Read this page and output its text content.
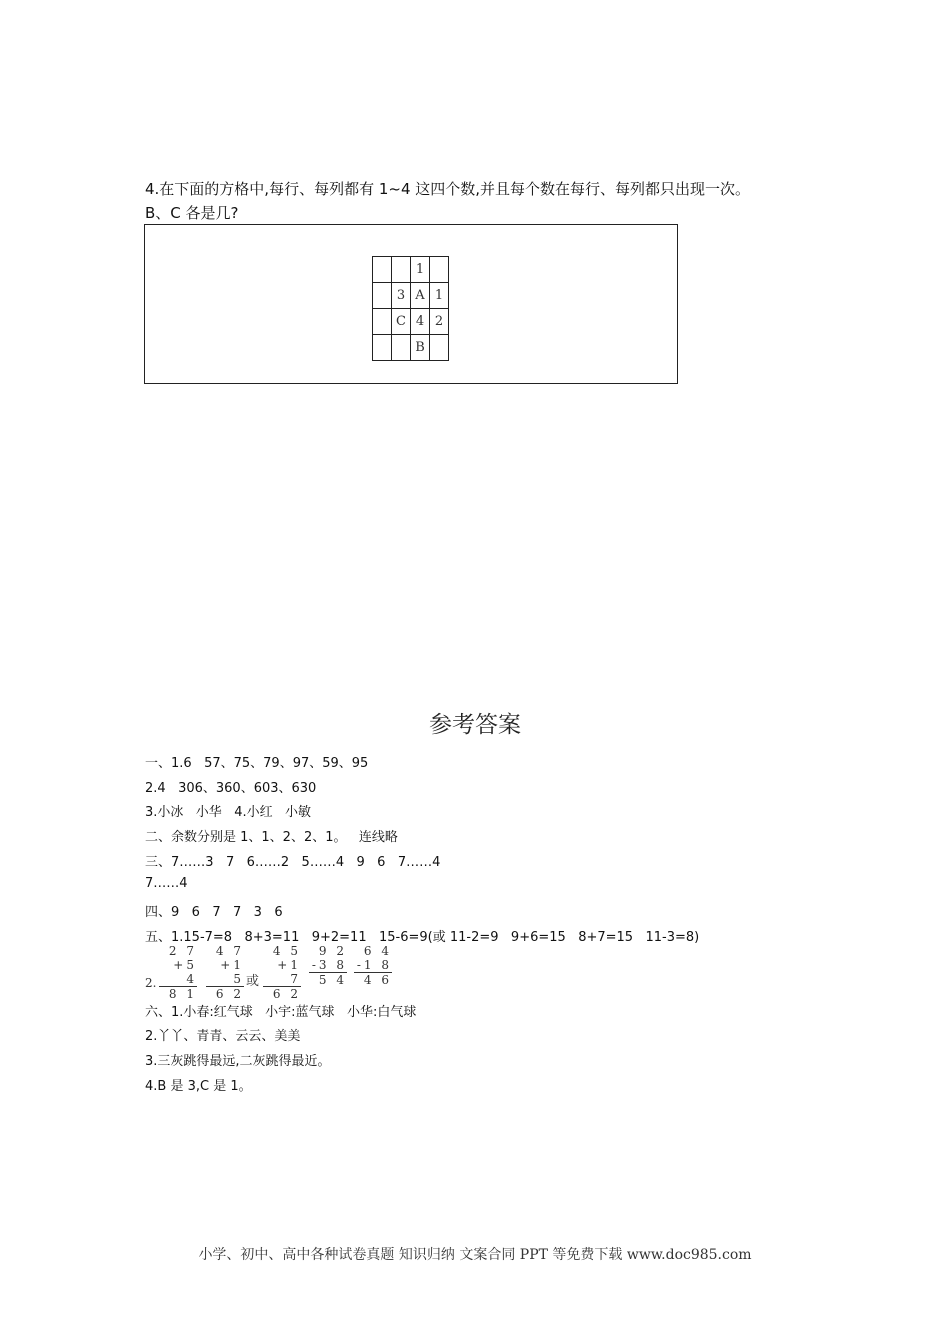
4.在下面的方格中,每行、每列都有 1~4 这四个数,并且每个数在每行、每列都只出现一次。
B、C 各是几?
		1	
	3	A	1
	C	4	2
		B	
参考答案
一、1.6   57、75、79、97、59、95
2.4   306、360、603、630
3.小冰   小华   4.小红   小敏
二、余数分别是 1、1、2、2、1。   连线略
三、7……3   7   6……2   5……4   9   6   7……4
7……4
四、9   6   7   7   3   6
五、1.15-7=8   8+3=11   9+2=11   15-6=9(或 11-2=9   9+6=15   8+7=15   11-3=8)
2.
2 7
+5 4
8 1
4 7
+1 5
6 2
或
4 5
+1 7
6 2
9 2
-3 8
5 4
6 4
-1 8
4 6
六、1.小春:红气球   小宇:蓝气球   小华:白气球
2.丫丫、青青、云云、美美
3.三灰跳得最远,二灰跳得最近。
4.B 是 3,C 是 1。
小学、初中、高中各种试卷真题 知识归纳 文案合同 PPT 等免费下载 www.doc985.com
